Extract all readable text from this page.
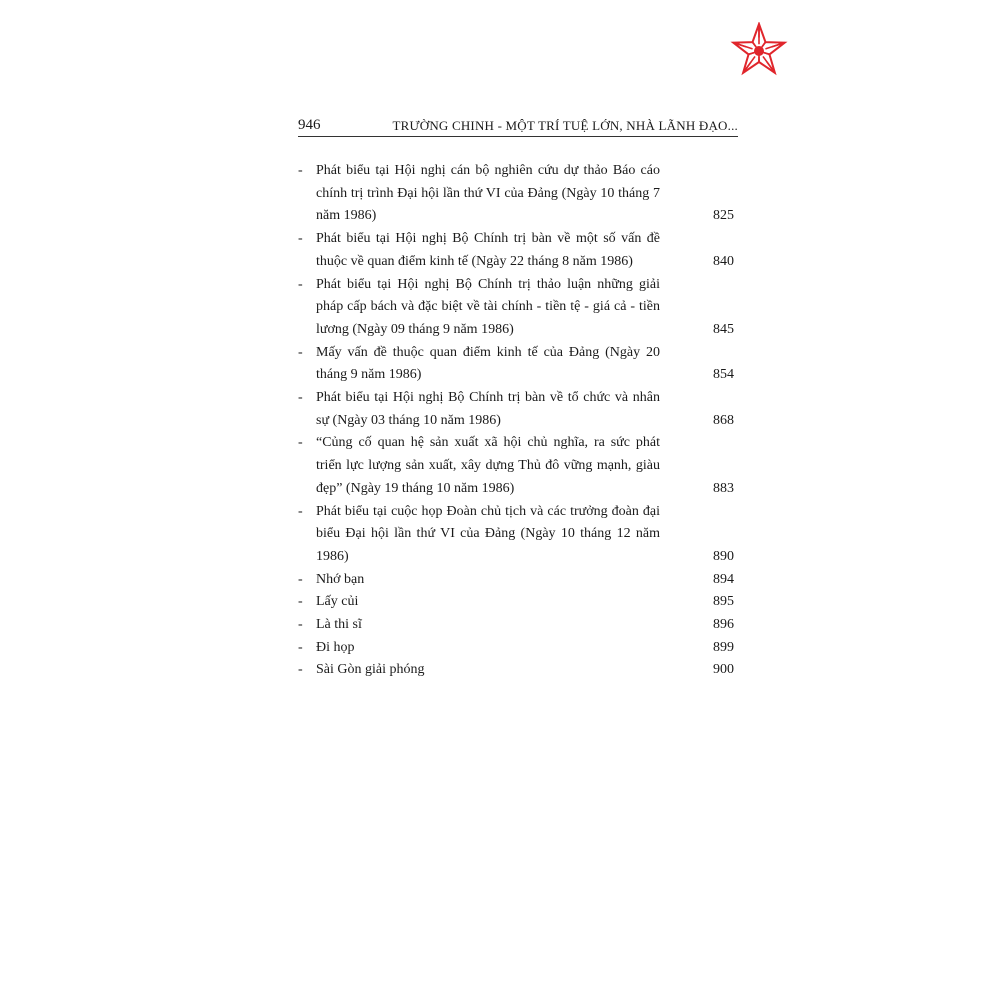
946	TRƯỜNG CHINH - MỘT TRÍ TUỆ LỚN, NHÀ LÃNH ĐẠO...
- Phát biểu tại Hội nghị cán bộ nghiên cứu dự thảo Báo cáo chính trị trình Đại hội lần thứ VI của Đảng (Ngày 10 tháng 7 năm 1986)	825
- Phát biểu tại Hội nghị Bộ Chính trị bàn về một số vấn đề thuộc về quan điểm kinh tế (Ngày 22 tháng 8 năm 1986)	840
- Phát biểu tại Hội nghị Bộ Chính trị thảo luận những giải pháp cấp bách và đặc biệt về tài chính - tiền tệ - giá cả - tiền lương (Ngày 09 tháng 9 năm 1986)	845
- Mấy vấn đề thuộc quan điểm kinh tế của Đảng (Ngày 20 tháng 9 năm 1986)	854
- Phát biểu tại Hội nghị Bộ Chính trị bàn về tổ chức và nhân sự (Ngày 03 tháng 10 năm 1986)	868
- “Củng cố quan hệ sản xuất xã hội chủ nghĩa, ra sức phát triển lực lượng sản xuất, xây dựng Thủ đô vững mạnh, giàu đẹp” (Ngày 19 tháng 10 năm 1986)	883
- Phát biểu tại cuộc họp Đoàn chủ tịch và các trưởng đoàn đại biểu Đại hội lần thứ VI của Đảng (Ngày 10 tháng 12 năm 1986)	890
- Nhớ bạn	894
- Lấy củi	895
- Là thi sĩ	896
- Đi họp	899
- Sài Gòn giải phóng	900
